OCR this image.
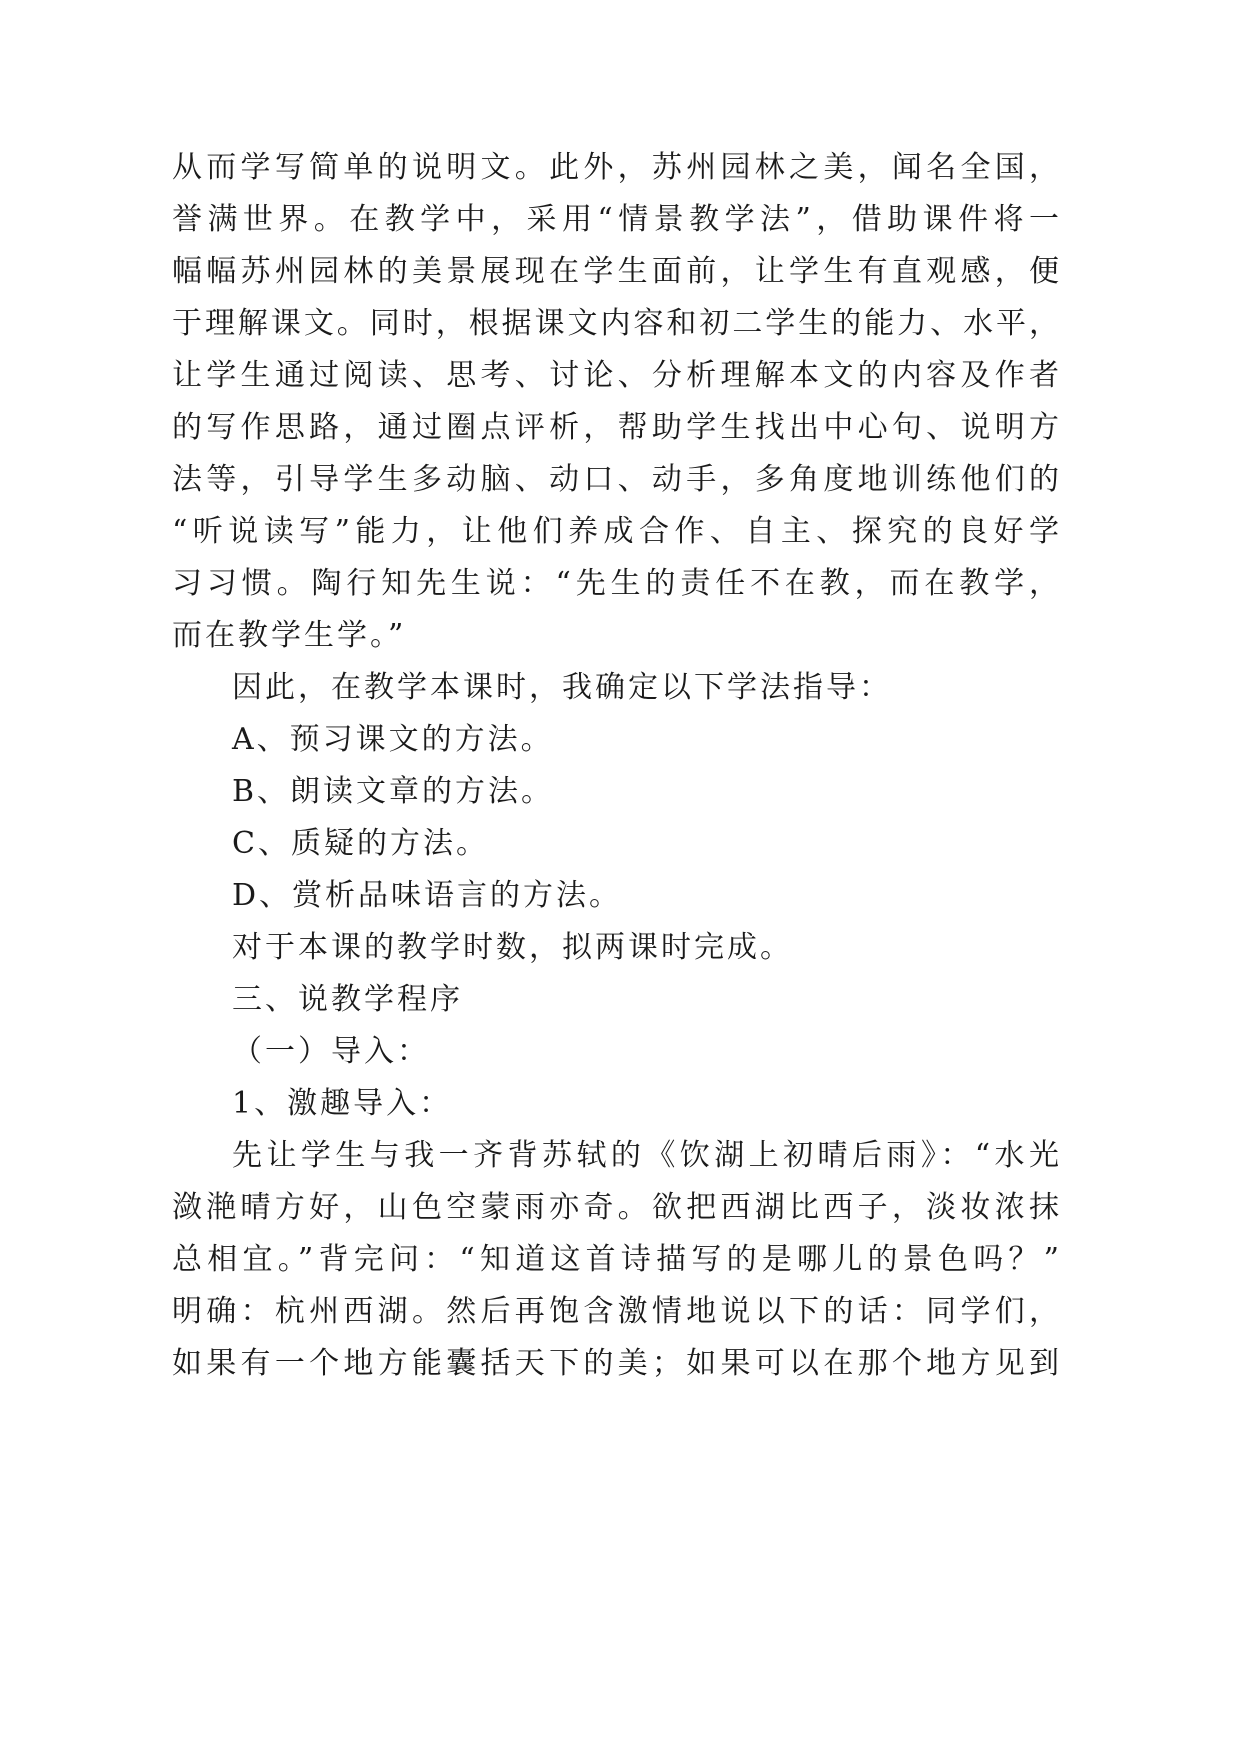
从而学写简单的说明文。此外，苏州园林之美，闻名全国，
誉满世界。在教学中，采用“情景教学法”，借助课件将一
幅幅苏州园林的美景展现在学生面前，让学生有直观感，便
于理解课文。同时，根据课文内容和初二学生的能力、水平，
让学生通过阅读、思考、讨论、分析理解本文的内容及作者
的写作思路，通过圈点评析，帮助学生找出中心句、说明方
法等，引导学生多动脑、动口、动手，多角度地训练他们的
“听说读写”能力，让他们养成合作、自主、探究的良好学
习习惯。陶行知先生说：“先生的责任不在教，而在教学，
而在教学生学。”
因此，在教学本课时，我确定以下学法指导：
A、预习课文的方法。
B、朗读文章的方法。
C、质疑的方法。
D、赏析品味语言的方法。
对于本课的教学时数，拟两课时完成。
三、说教学程序
（一）导入：
1、激趣导入：
先让学生与我一齐背苏轼的《饮湖上初晴后雨》：“水光
潋滟晴方好，山色空蒙雨亦奇。欲把西湖比西子，淡妆浓抹
总相宜。”背完问：“知道这首诗描写的是哪儿的景色吗？”
明确：杭州西湖。然后再饱含激情地说以下的话：同学们，
如果有一个地方能囊括天下的美；如果可以在那个地方见到
